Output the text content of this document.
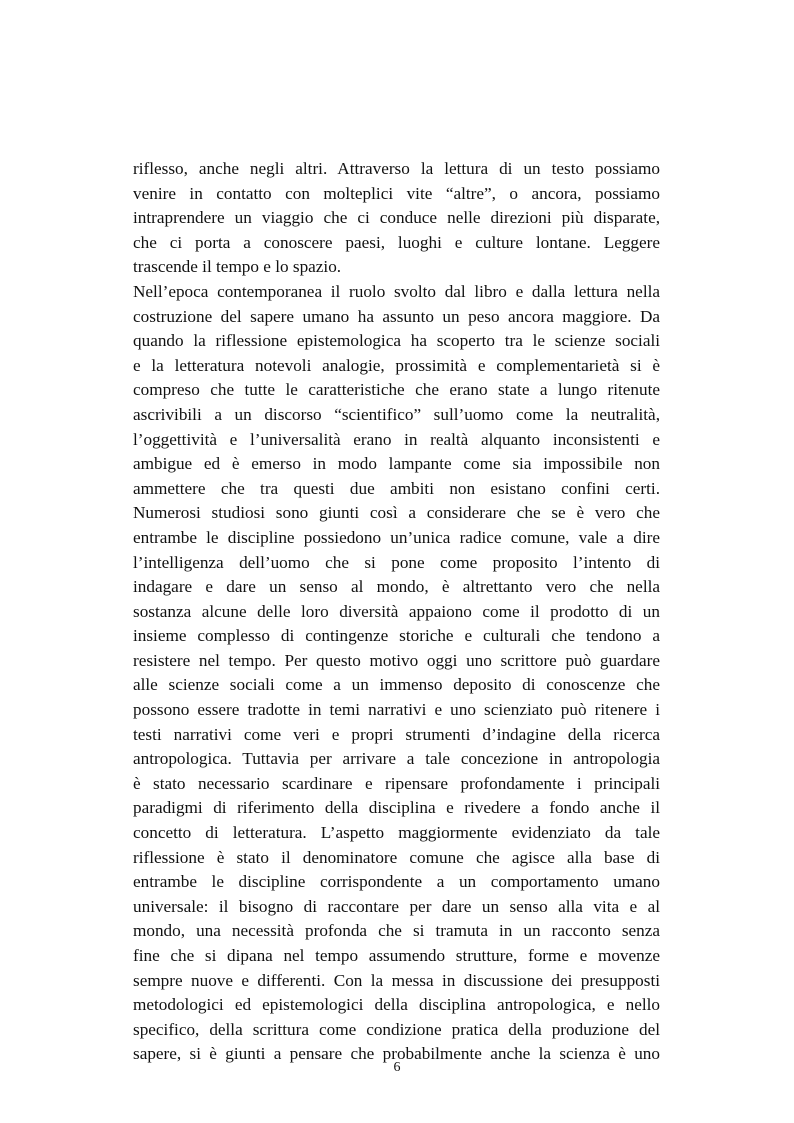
riflesso, anche negli altri. Attraverso la lettura di un testo possiamo
venire in contatto con molteplici vite “altre”, o ancora, possiamo
intraprendere un viaggio che ci conduce nelle direzioni più disparate,
che ci porta a conoscere paesi, luoghi e culture lontane. Leggere
trascende il tempo e lo spazio.

Nell’epoca contemporanea il ruolo svolto dal libro e dalla lettura nella
costruzione del sapere umano ha assunto un peso ancora maggiore. Da
quando la riflessione epistemologica ha scoperto tra le scienze sociali
e la letteratura notevoli analogie, prossimità e complementarietà si è
compreso che tutte le caratteristiche che erano state a lungo ritenute
ascrivibili a un discorso “scientifico” sull’uomo come la neutralità,
l’oggettività e l’universalità erano in realtà alquanto inconsistenti e
ambigue ed è emerso in modo lampante come sia impossibile non
ammettere che tra questi due ambiti non esistano confini certi.
Numerosi studiosi sono giunti così a considerare che se è vero che
entrambe le discipline possiedono un’unica radice comune, vale a dire
l’intelligenza dell’uomo che si pone come proposito l’intento di
indagare e dare un senso al mondo, è altrettanto vero che nella
sostanza alcune delle loro diversità appaiono come il prodotto di un
insieme complesso di contingenze storiche e culturali che tendono a
resistere nel tempo. Per questo motivo oggi uno scrittore può guardare
alle scienze sociali come a un immenso deposito di conoscenze che
possono essere tradotte in temi narrativi e uno scienziato può ritenere i
testi narrativi come veri e propri strumenti d’indagine della ricerca
antropologica. Tuttavia per arrivare a tale concezione in antropologia
è stato necessario scardinare e ripensare profondamente i principali
paradigmi di riferimento della disciplina e rivedere a fondo anche il
concetto di letteratura. L’aspetto maggiormente evidenziato da tale
riflessione è stato il denominatore comune che agisce alla base di
entrambe le discipline corrispondente a un comportamento umano
universale: il bisogno di raccontare per dare un senso alla vita e al
mondo, una necessità profonda che si tramuta in un racconto senza
fine che si dipana nel tempo assumendo strutture, forme e movenze
sempre nuove e differenti. Con la messa in discussione dei presupposti
metodologici ed epistemologici della disciplina antropologica, e nello
specifico, della scrittura come condizione pratica della produzione del
sapere, si è giunti a pensare che probabilmente anche la scienza è uno

6
